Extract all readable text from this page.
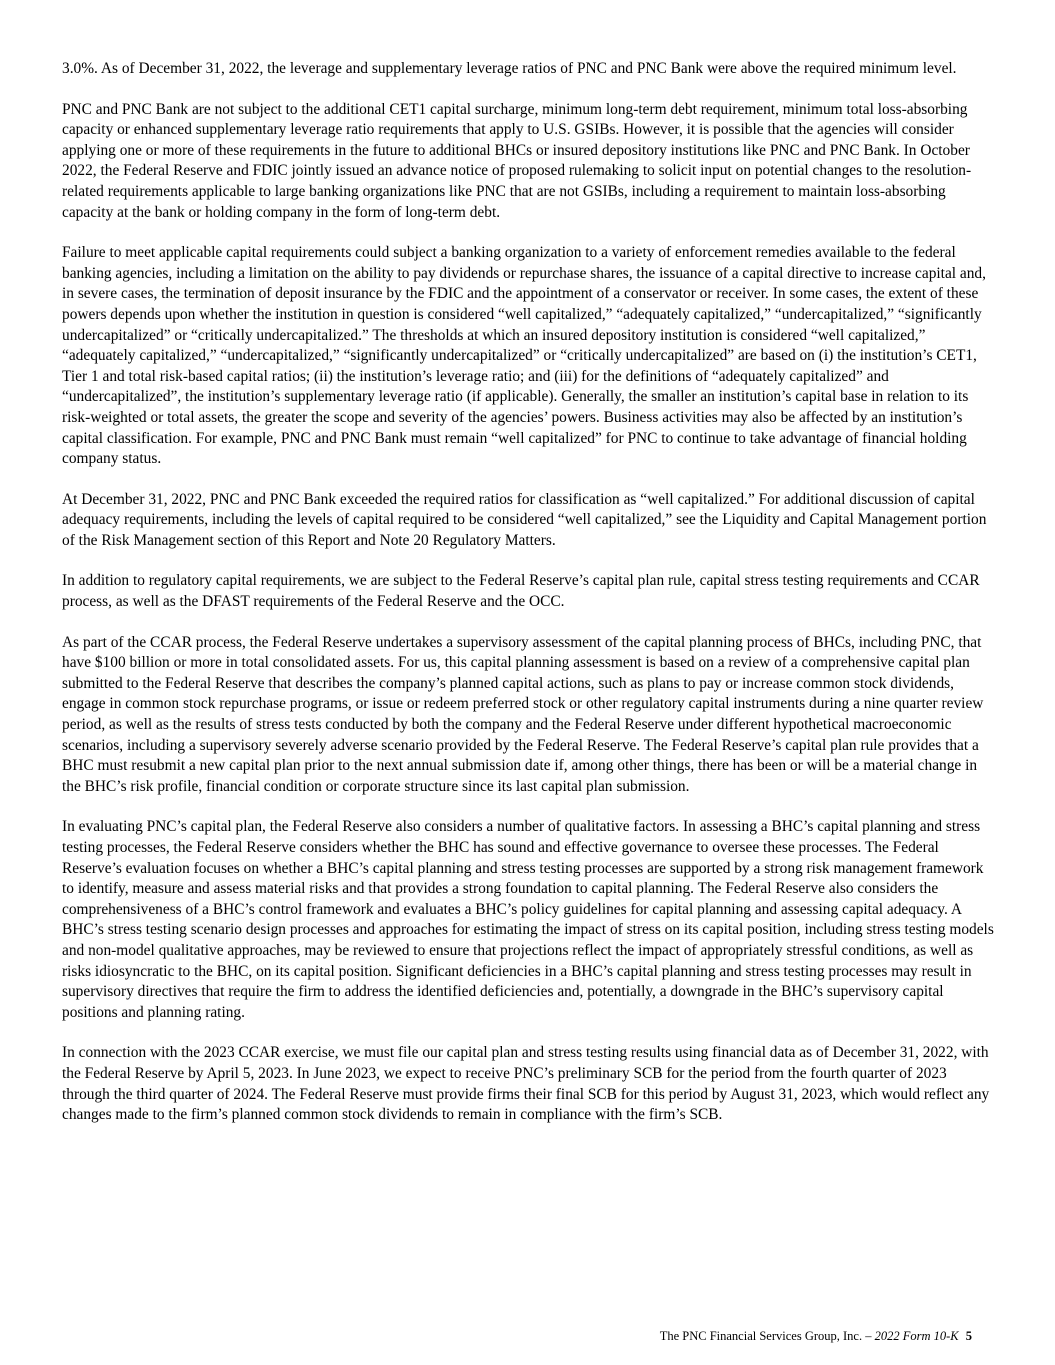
3.0%. As of December 31, 2022, the leverage and supplementary leverage ratios of PNC and PNC Bank were above the required minimum level.

PNC and PNC Bank are not subject to the additional CET1 capital surcharge, minimum long-term debt requirement, minimum total loss-absorbing capacity or enhanced supplementary leverage ratio requirements that apply to U.S. GSIBs. However, it is possible that the agencies will consider applying one or more of these requirements in the future to additional BHCs or insured depository institutions like PNC and PNC Bank. In October 2022, the Federal Reserve and FDIC jointly issued an advance notice of proposed rulemaking to solicit input on potential changes to the resolution-related requirements applicable to large banking organizations like PNC that are not GSIBs, including a requirement to maintain loss-absorbing capacity at the bank or holding company in the form of long-term debt.

Failure to meet applicable capital requirements could subject a banking organization to a variety of enforcement remedies available to the federal banking agencies, including a limitation on the ability to pay dividends or repurchase shares, the issuance of a capital directive to increase capital and, in severe cases, the termination of deposit insurance by the FDIC and the appointment of a conservator or receiver. In some cases, the extent of these powers depends upon whether the institution in question is considered “well capitalized,” “adequately capitalized,” “undercapitalized,” “significantly undercapitalized” or “critically undercapitalized.” The thresholds at which an insured depository institution is considered “well capitalized,” “adequately capitalized,” “undercapitalized,” “significantly undercapitalized” or “critically undercapitalized” are based on (i) the institution’s CET1, Tier 1 and total risk-based capital ratios; (ii) the institution’s leverage ratio; and (iii) for the definitions of “adequately capitalized” and “undercapitalized”, the institution’s supplementary leverage ratio (if applicable). Generally, the smaller an institution’s capital base in relation to its risk-weighted or total assets, the greater the scope and severity of the agencies’ powers. Business activities may also be affected by an institution’s capital classification. For example, PNC and PNC Bank must remain “well capitalized” for PNC to continue to take advantage of financial holding company status.

At December 31, 2022, PNC and PNC Bank exceeded the required ratios for classification as “well capitalized.” For additional discussion of capital adequacy requirements, including the levels of capital required to be considered “well capitalized,” see the Liquidity and Capital Management portion of the Risk Management section of this Report and Note 20 Regulatory Matters.

In addition to regulatory capital requirements, we are subject to the Federal Reserve’s capital plan rule, capital stress testing requirements and CCAR process, as well as the DFAST requirements of the Federal Reserve and the OCC.

As part of the CCAR process, the Federal Reserve undertakes a supervisory assessment of the capital planning process of BHCs, including PNC, that have $100 billion or more in total consolidated assets. For us, this capital planning assessment is based on a review of a comprehensive capital plan submitted to the Federal Reserve that describes the company’s planned capital actions, such as plans to pay or increase common stock dividends, engage in common stock repurchase programs, or issue or redeem preferred stock or other regulatory capital instruments during a nine quarter review period, as well as the results of stress tests conducted by both the company and the Federal Reserve under different hypothetical macroeconomic scenarios, including a supervisory severely adverse scenario provided by the Federal Reserve. The Federal Reserve’s capital plan rule provides that a BHC must resubmit a new capital plan prior to the next annual submission date if, among other things, there has been or will be a material change in the BHC’s risk profile, financial condition or corporate structure since its last capital plan submission.

In evaluating PNC’s capital plan, the Federal Reserve also considers a number of qualitative factors. In assessing a BHC’s capital planning and stress testing processes, the Federal Reserve considers whether the BHC has sound and effective governance to oversee these processes. The Federal Reserve’s evaluation focuses on whether a BHC’s capital planning and stress testing processes are supported by a strong risk management framework to identify, measure and assess material risks and that provides a strong foundation to capital planning. The Federal Reserve also considers the comprehensiveness of a BHC’s control framework and evaluates a BHC’s policy guidelines for capital planning and assessing capital adequacy. A BHC’s stress testing scenario design processes and approaches for estimating the impact of stress on its capital position, including stress testing models and non-model qualitative approaches, may be reviewed to ensure that projections reflect the impact of appropriately stressful conditions, as well as risks idiosyncratic to the BHC, on its capital position. Significant deficiencies in a BHC’s capital planning and stress testing processes may result in supervisory directives that require the firm to address the identified deficiencies and, potentially, a downgrade in the BHC’s supervisory capital positions and planning rating.

In connection with the 2023 CCAR exercise, we must file our capital plan and stress testing results using financial data as of December 31, 2022, with the Federal Reserve by April 5, 2023. In June 2023, we expect to receive PNC’s preliminary SCB for the period from the fourth quarter of 2023 through the third quarter of 2024. The Federal Reserve must provide firms their final SCB for this period by August 31, 2023, which would reflect any changes made to the firm’s planned common stock dividends to remain in compliance with the firm’s SCB.

The PNC Financial Services Group, Inc. – 2022 Form 10-K 5
